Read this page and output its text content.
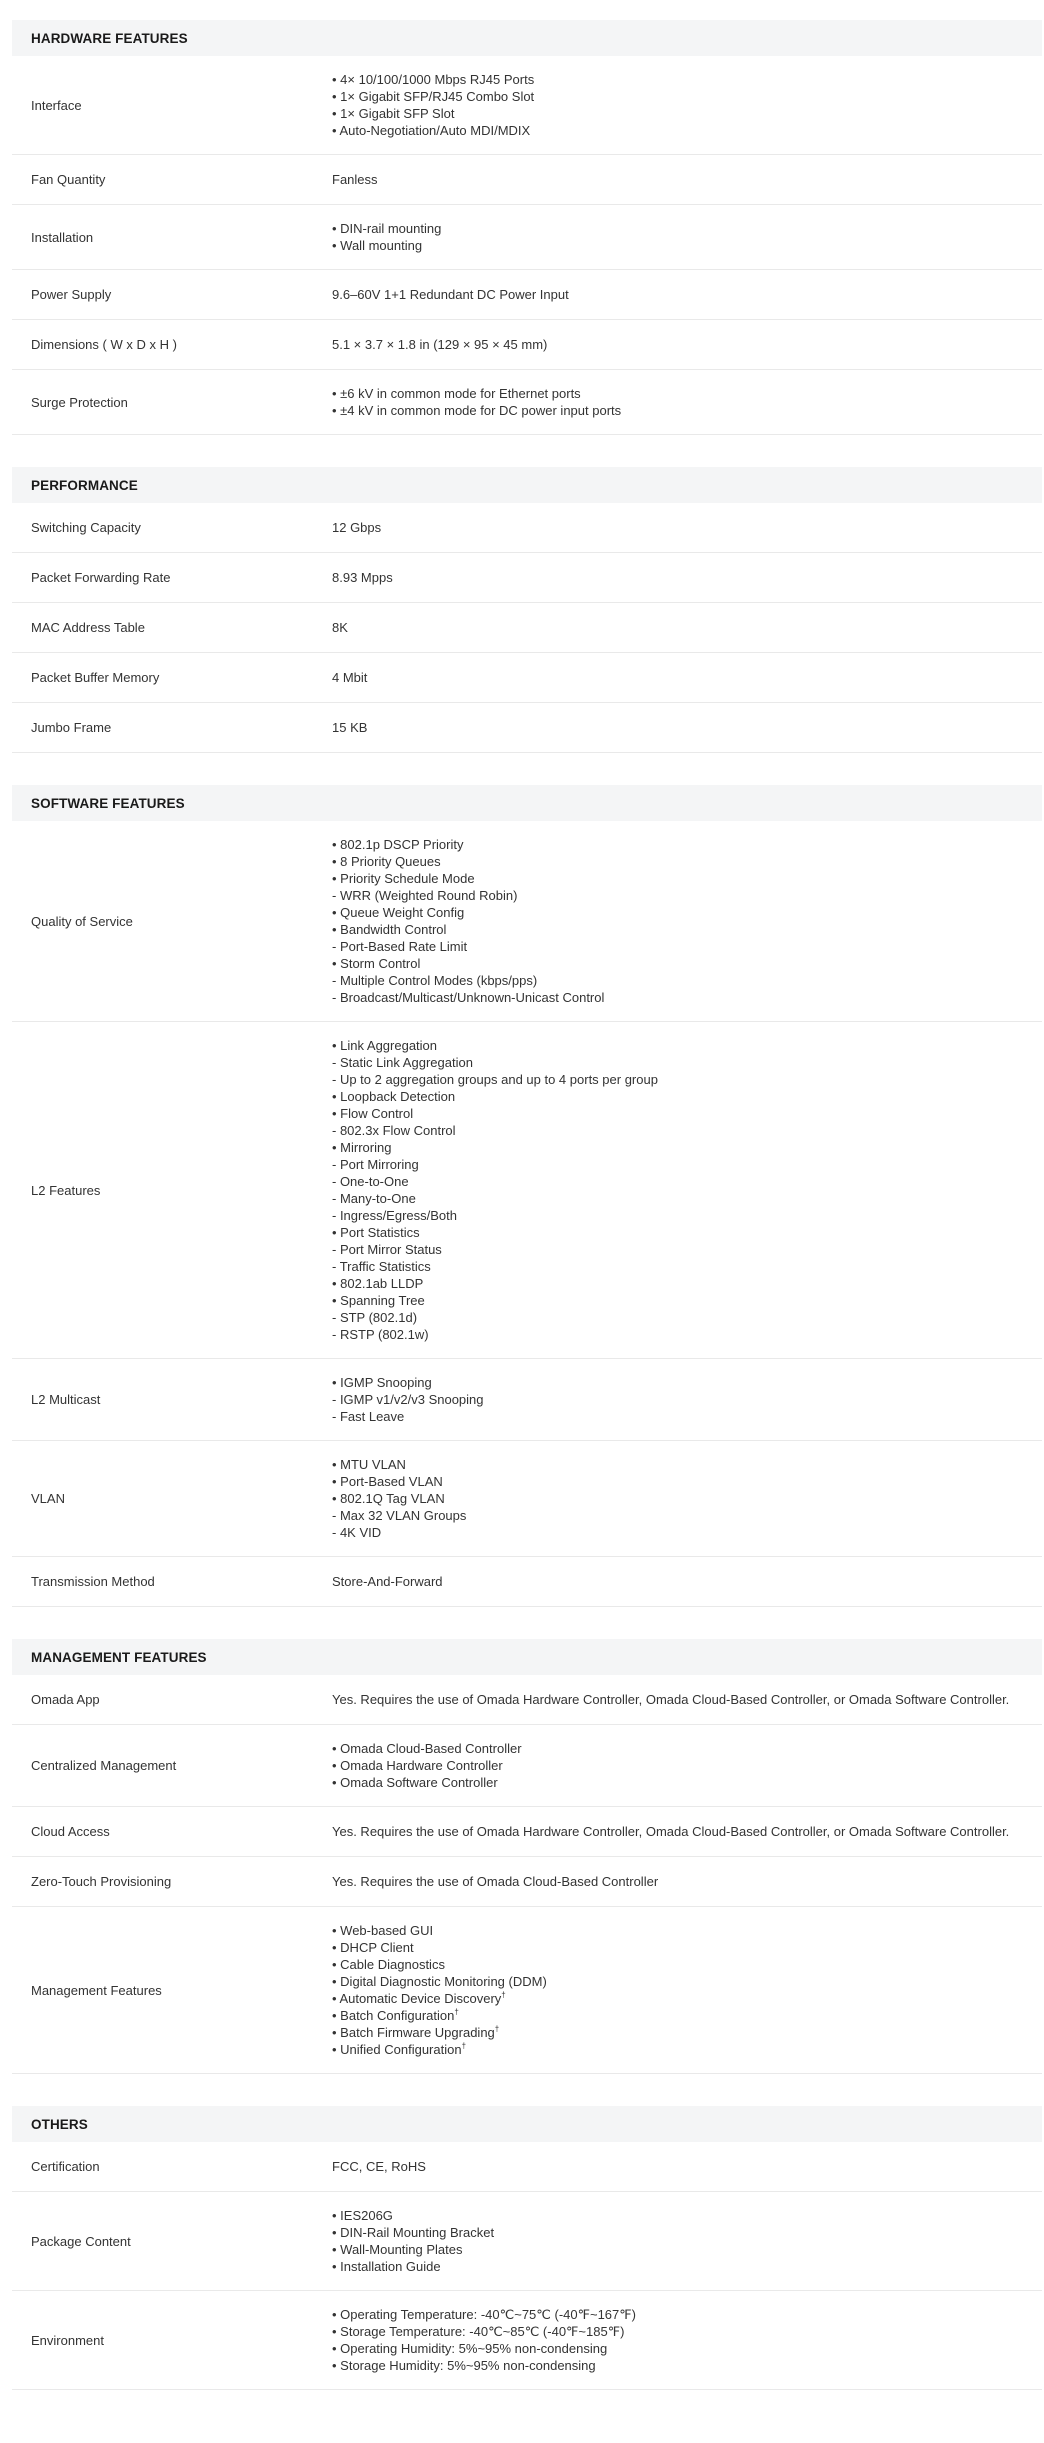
HARDWARE FEATURES
Interface
• 4× 10/100/1000 Mbps RJ45 Ports
• 1× Gigabit SFP/RJ45 Combo Slot
• 1× Gigabit SFP Slot
• Auto-Negotiation/Auto MDI/MDIX
Fan Quantity	Fanless
Installation
• DIN-rail mounting
• Wall mounting
Power Supply	9.6–60V 1+1 Redundant DC Power Input
Dimensions ( W x D x H )	5.1 × 3.7 × 1.8 in (129 × 95 × 45 mm)
Surge Protection
• ±6 kV in common mode for Ethernet ports
• ±4 kV in common mode for DC power input ports
PERFORMANCE
Switching Capacity	12 Gbps
Packet Forwarding Rate	8.93 Mpps
MAC Address Table	8K
Packet Buffer Memory	4 Mbit
Jumbo Frame	15 KB
SOFTWARE FEATURES
Quality of Service
• 802.1p DSCP Priority
• 8 Priority Queues
• Priority Schedule Mode
- WRR (Weighted Round Robin)
• Queue Weight Config
• Bandwidth Control
- Port-Based Rate Limit
• Storm Control
- Multiple Control Modes (kbps/pps)
- Broadcast/Multicast/Unknown-Unicast Control
L2 Features
• Link Aggregation
- Static Link Aggregation
- Up to 2 aggregation groups and up to 4 ports per group
• Loopback Detection
• Flow Control
- 802.3x Flow Control
• Mirroring
- Port Mirroring
- One-to-One
- Many-to-One
- Ingress/Egress/Both
• Port Statistics
- Port Mirror Status
- Traffic Statistics
• 802.1ab LLDP
• Spanning Tree
- STP (802.1d)
- RSTP (802.1w)
L2 Multicast
• IGMP Snooping
- IGMP v1/v2/v3 Snooping
- Fast Leave
VLAN
• MTU VLAN
• Port-Based VLAN
• 802.1Q Tag VLAN
- Max 32 VLAN Groups
- 4K VID
Transmission Method	Store-And-Forward
MANAGEMENT FEATURES
Omada App	Yes. Requires the use of Omada Hardware Controller, Omada Cloud-Based Controller, or Omada Software Controller.
Centralized Management
• Omada Cloud-Based Controller
• Omada Hardware Controller
• Omada Software Controller
Cloud Access	Yes. Requires the use of Omada Hardware Controller, Omada Cloud-Based Controller, or Omada Software Controller.
Zero-Touch Provisioning	Yes. Requires the use of Omada Cloud-Based Controller
Management Features
• Web-based GUI
• DHCP Client
• Cable Diagnostics
• Digital Diagnostic Monitoring (DDM)
• Automatic Device Discovery†
• Batch Configuration†
• Batch Firmware Upgrading†
• Unified Configuration†
OTHERS
Certification	FCC, CE, RoHS
Package Content
• IES206G
• DIN-Rail Mounting Bracket
• Wall-Mounting Plates
• Installation Guide
Environment
• Operating Temperature: -40℃~75℃ (-40℉~167℉)
• Storage Temperature: -40℃~85℃ (-40℉~185℉)
• Operating Humidity: 5%~95% non-condensing
• Storage Humidity: 5%~95% non-condensing
